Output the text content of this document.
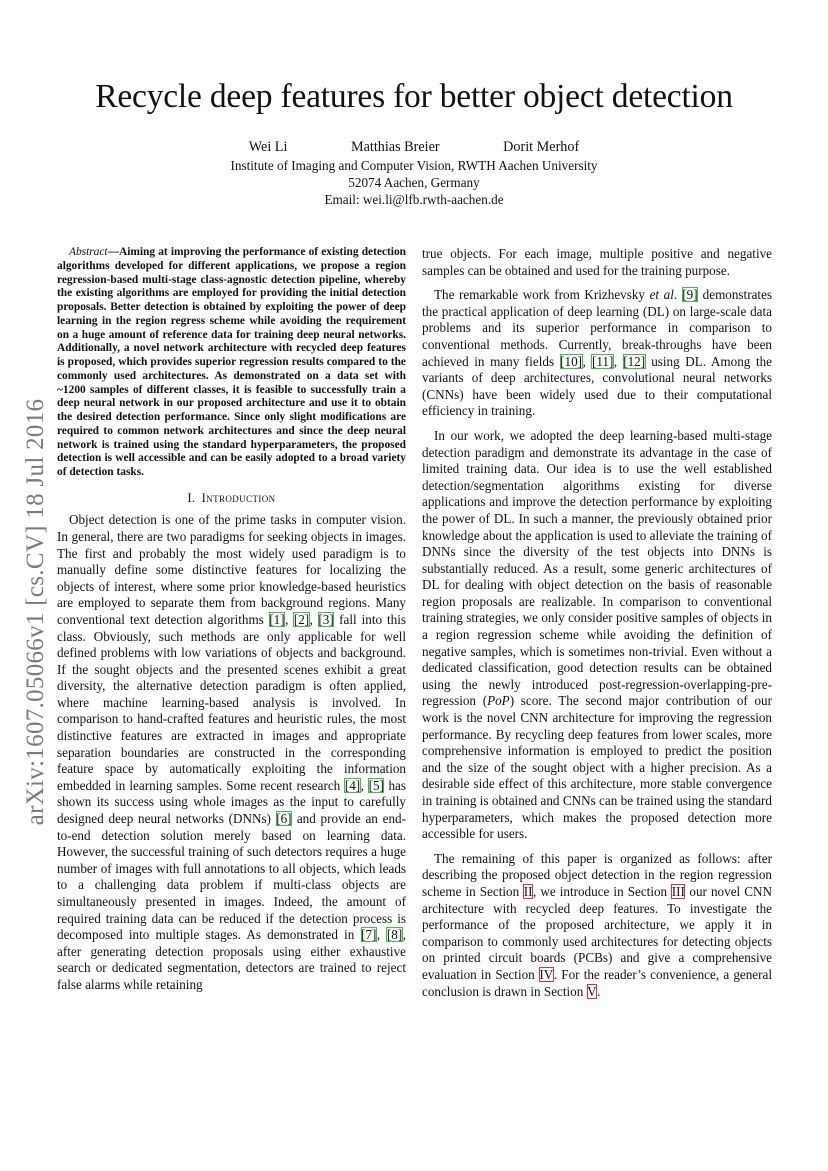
arXiv:1607.05066v1 [cs.CV] 18 Jul 2016
Recycle deep features for better object detection
Wei Li	Matthias Breier	Dorit Merhof
Institute of Imaging and Computer Vision, RWTH Aachen University
52074 Aachen, Germany
Email: wei.li@lfb.rwth-aachen.de

Abstract—Aiming at improving the performance of existing detection algorithms developed for different applications, we propose a region regression-based multi-stage class-agnostic detection pipeline, whereby the existing algorithms are employed for providing the initial detection proposals. Better detection is obtained by exploiting the power of deep learning in the region regress scheme while avoiding the requirement on a huge amount of reference data for training deep neural networks. Additionally, a novel network architecture with recycled deep features is proposed, which provides superior regression results compared to the commonly used architectures. As demonstrated on a data set with ~1200 samples of different classes, it is feasible to successfully train a deep neural network in our proposed architecture and use it to obtain the desired detection performance. Since only slight modifications are required to common network architectures and since the deep neural network is trained using the standard hyperparameters, the proposed detection is well accessible and can be easily adopted to a broad variety of detection tasks.

I. Introduction

Object detection is one of the prime tasks in computer vision. In general, there are two paradigms for seeking objects in images. The first and probably the most widely used paradigm is to manually define some distinctive features for localizing the objects of interest, where some prior knowledge-based heuristics are employed to separate them from background regions. Many conventional text detection algorithms [1], [2], [3] fall into this class. Obviously, such methods are only applicable for well defined problems with low variations of objects and background. If the sought objects and the presented scenes exhibit a great diversity, the alternative detection paradigm is often applied, where machine learning-based analysis is involved. In comparison to hand-crafted features and heuristic rules, the most distinctive features are extracted in images and appropriate separation boundaries are constructed in the corresponding feature space by automatically exploiting the information embedded in learning samples. Some recent research [4], [5] has shown its success using whole images as the input to carefully designed deep neural networks (DNNs) [6] and provide an end-to-end detection solution merely based on learning data. However, the successful training of such detectors requires a huge number of images with full annotations to all objects, which leads to a challenging data problem if multi-class objects are simultaneously presented in images. Indeed, the amount of required training data can be reduced if the detection process is decomposed into multiple stages. As demonstrated in [7], [8], after generating detection proposals using either exhaustive search or dedicated segmentation, detectors are trained to reject false alarms while retaining

true objects. For each image, multiple positive and negative samples can be obtained and used for the training purpose.

The remarkable work from Krizhevsky et al. [9] demonstrates the practical application of deep learning (DL) on large-scale data problems and its superior performance in comparison to conventional methods. Currently, break-throughs have been achieved in many fields [10], [11], [12] using DL. Among the variants of deep architectures, convolutional neural networks (CNNs) have been widely used due to their computational efficiency in training.

In our work, we adopted the deep learning-based multi-stage detection paradigm and demonstrate its advantage in the case of limited training data. Our idea is to use the well established detection/segmentation algorithms existing for diverse applications and improve the detection performance by exploiting the power of DL. In such a manner, the previously obtained prior knowledge about the application is used to alleviate the training of DNNs since the diversity of the test objects into DNNs is substantially reduced. As a result, some generic architectures of DL for dealing with object detection on the basis of reasonable region proposals are realizable. In comparison to conventional training strategies, we only consider positive samples of objects in a region regression scheme while avoiding the definition of negative samples, which is sometimes non-trivial. Even without a dedicated classification, good detection results can be obtained using the newly introduced post-regression-overlapping-pre-regression (PoP) score. The second major contribution of our work is the novel CNN architecture for improving the regression performance. By recycling deep features from lower scales, more comprehensive information is employed to predict the position and the size of the sought object with a higher precision. As a desirable side effect of this architecture, more stable convergence in training is obtained and CNNs can be trained using the standard hyperparameters, which makes the proposed detection more accessible for users.

The remaining of this paper is organized as follows: after describing the proposed object detection in the region regression scheme in Section II, we introduce in Section III our novel CNN architecture with recycled deep features. To investigate the performance of the proposed architecture, we apply it in comparison to commonly used architectures for detecting objects on printed circuit boards (PCBs) and give a comprehensive evaluation in Section IV. For the reader’s convenience, a general conclusion is drawn in Section V.
